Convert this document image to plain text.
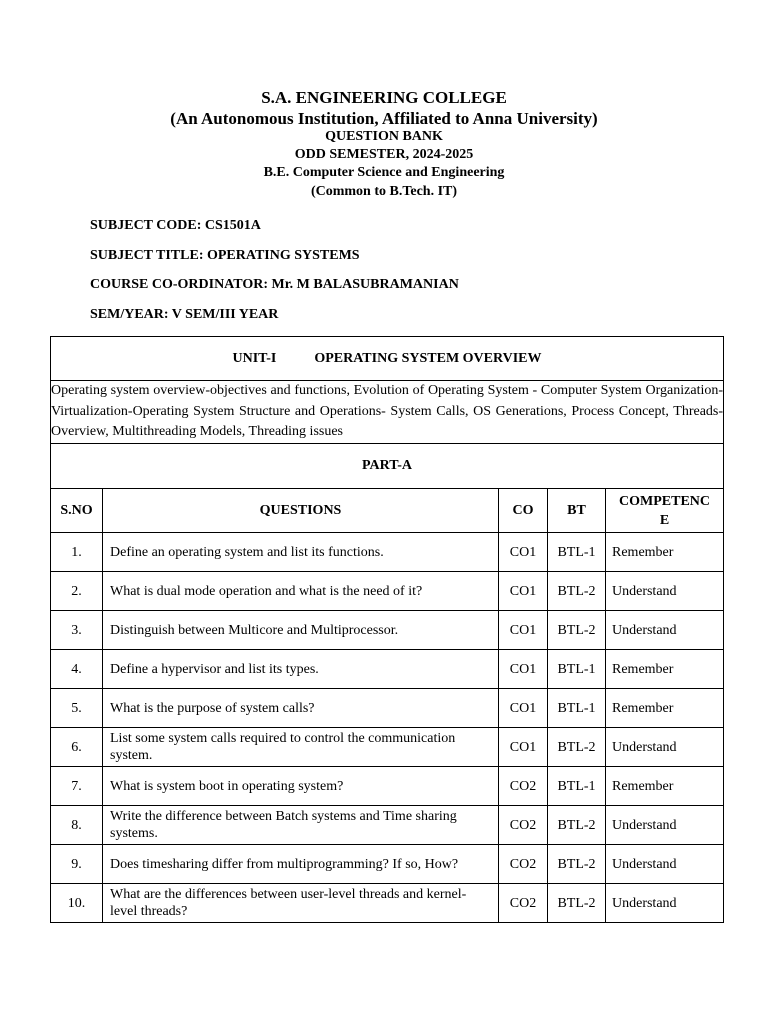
S.A. ENGINEERING COLLEGE
(An Autonomous Institution, Affiliated to Anna University)
QUESTION BANK
ODD SEMESTER, 2024-2025
B.E. Computer Science and Engineering
(Common to B.Tech. IT)
SUBJECT CODE: CS1501A
SUBJECT TITLE: OPERATING SYSTEMS
COURSE CO-ORDINATOR: Mr. M BALASUBRAMANIAN
SEM/YEAR: V SEM/III YEAR
UNIT-I OPERATING SYSTEM OVERVIEW				
Operating system overview-objectives and functions, Evolution of Operating System - Computer System Organization-Virtualization-Operating System Structure and Operations- System Calls, OS Generations, Process Concept, Threads- Overview, Multithreading Models, Threading issues				
PART-A				
S.NO	QUESTIONS	CO	BT	COMPETENC
E
1.	Define an operating system and list its functions.	CO1	BTL-1	Remember
2.	What is dual mode operation and what is the need of it?	CO1	BTL-2	Understand
3.	Distinguish between Multicore and Multiprocessor.	CO1	BTL-2	Understand
4.	Define a hypervisor and list its types.	CO1	BTL-1	Remember
5.	What is the purpose of system calls?	CO1	BTL-1	Remember
6.	List some system calls required to control the communication system.	CO1	BTL-2	Understand
7.	What is system boot in operating system?	CO2	BTL-1	Remember
8.	Write the difference between Batch systems and Time sharing systems.	CO2	BTL-2	Understand
9.	Does timesharing differ from multiprogramming? If so, How?	CO2	BTL-2	Understand
10.	What are the differences between user-level threads and kernel-level threads?	CO2	BTL-2	Understand
